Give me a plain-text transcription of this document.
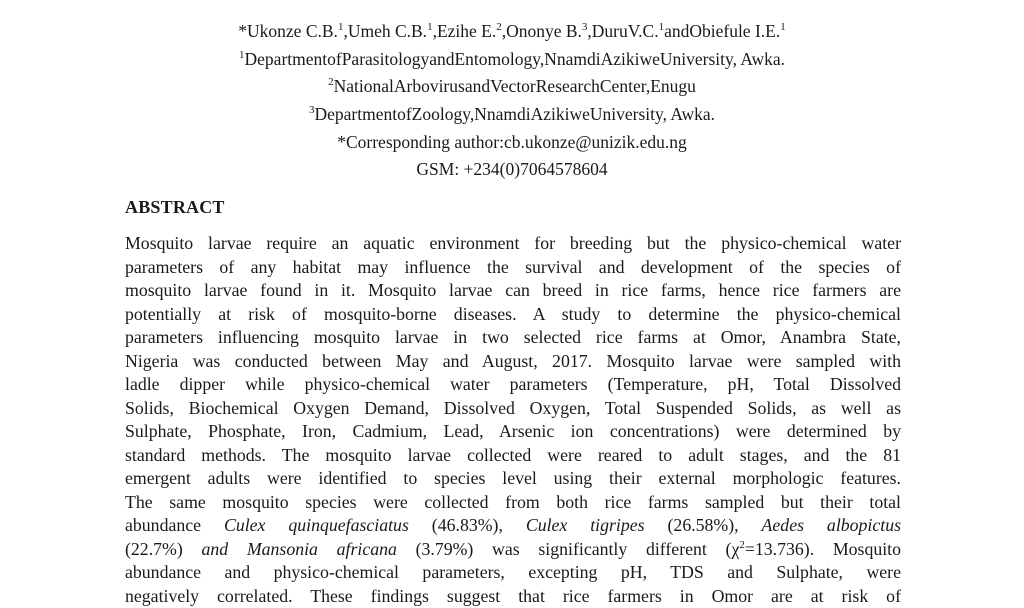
*Ukonze C.B.$^1$,Umeh C.B.$^1$,Ezihe E.$^2$,Ononye B.$^3$,DuruV.C.$^1$andObiefule I.E.$^1$
$^1$DepartmentofParasitologyandEntomology,NnamdiAzikiweUniversity, Awka.
$^2$NationalArbovirusandVectorResearchCenter,Enugu
$^3$DepartmentofZoology,NnamdiAzikiweUniversity, Awka.
*Corresponding author:cb.ukonze@unizik.edu.ng
GSM: +234(0)7064578604
ABSTRACT
Mosquito larvae require an aquatic environment for breeding but the physico-chemical water
parameters of any habitat may influence the survival and development of the species of
mosquito larvae found in it. Mosquito larvae can breed in rice farms, hence rice farmers are
potentially at risk of mosquito-borne diseases. A study to determine the physico-chemical
parameters influencing mosquito larvae in two selected rice farms at Omor, Anambra State,
Nigeria was conducted between May and August, 2017. Mosquito larvae were sampled with
ladle dipper while physico-chemical water parameters (Temperature, pH, Total Dissolved
Solids, Biochemical Oxygen Demand, Dissolved Oxygen, Total Suspended Solids, as well as
Sulphate, Phosphate, Iron, Cadmium, Lead, Arsenic ion concentrations) were determined by
standard methods. The mosquito larvae collected were reared to adult stages, and the 81
emergent adults were identified to species level using their external morphologic features.
The same mosquito species were collected from both rice farms sampled but their total
abundance Culex quinquefasciatus (46.83%), Culex tigripes (26.58%), Aedes albopictus
(22.7%) and Mansonia africana (3.79%) was significantly different $(\chi^2=13.736)$. Mosquito
abundance and physico-chemical parameters, excepting pH, TDS and Sulphate, were
negatively correlated. These findings suggest that rice farmers in Omor are at risk of
